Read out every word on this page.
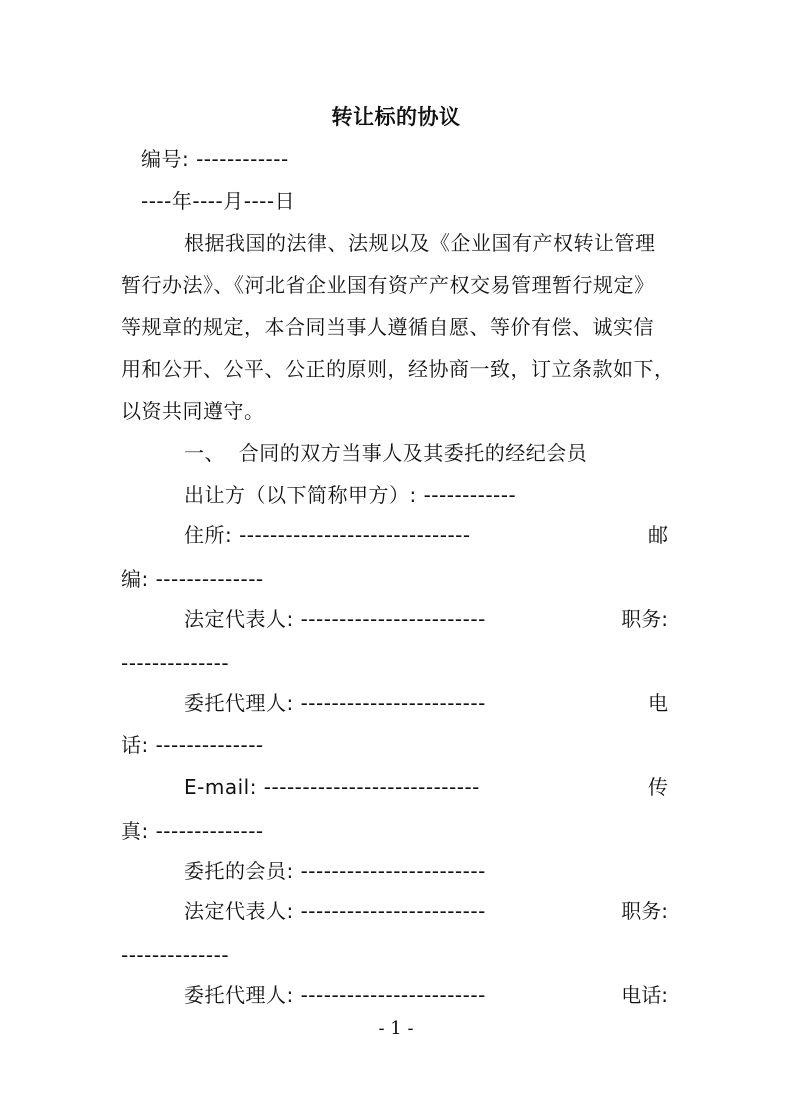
转让标的协议
编号: ------------
----年----月----日
根据我国的法律、法规以及《企业国有产权转让管理
暂行办法》、《河北省企业国有资产产权交易管理暂行规定》
等规章的规定，本合同当事人遵循自愿、等价有偿、诚实信
用和公开、公平、公正的原则，经协商一致，订立条款如下，
以资共同遵守。
一、  合同的双方当事人及其委托的经纪会员
出让方（以下简称甲方）: ------------
住所: ------------------------------	邮
编: --------------
法定代表人: ------------------------	职务:
--------------
委托代理人: ------------------------	电
话: --------------
E-mail: ----------------------------	传
真: --------------
委托的会员: ------------------------
法定代表人: ------------------------	职务:
--------------
委托代理人: ------------------------	电话:
- 1 -
